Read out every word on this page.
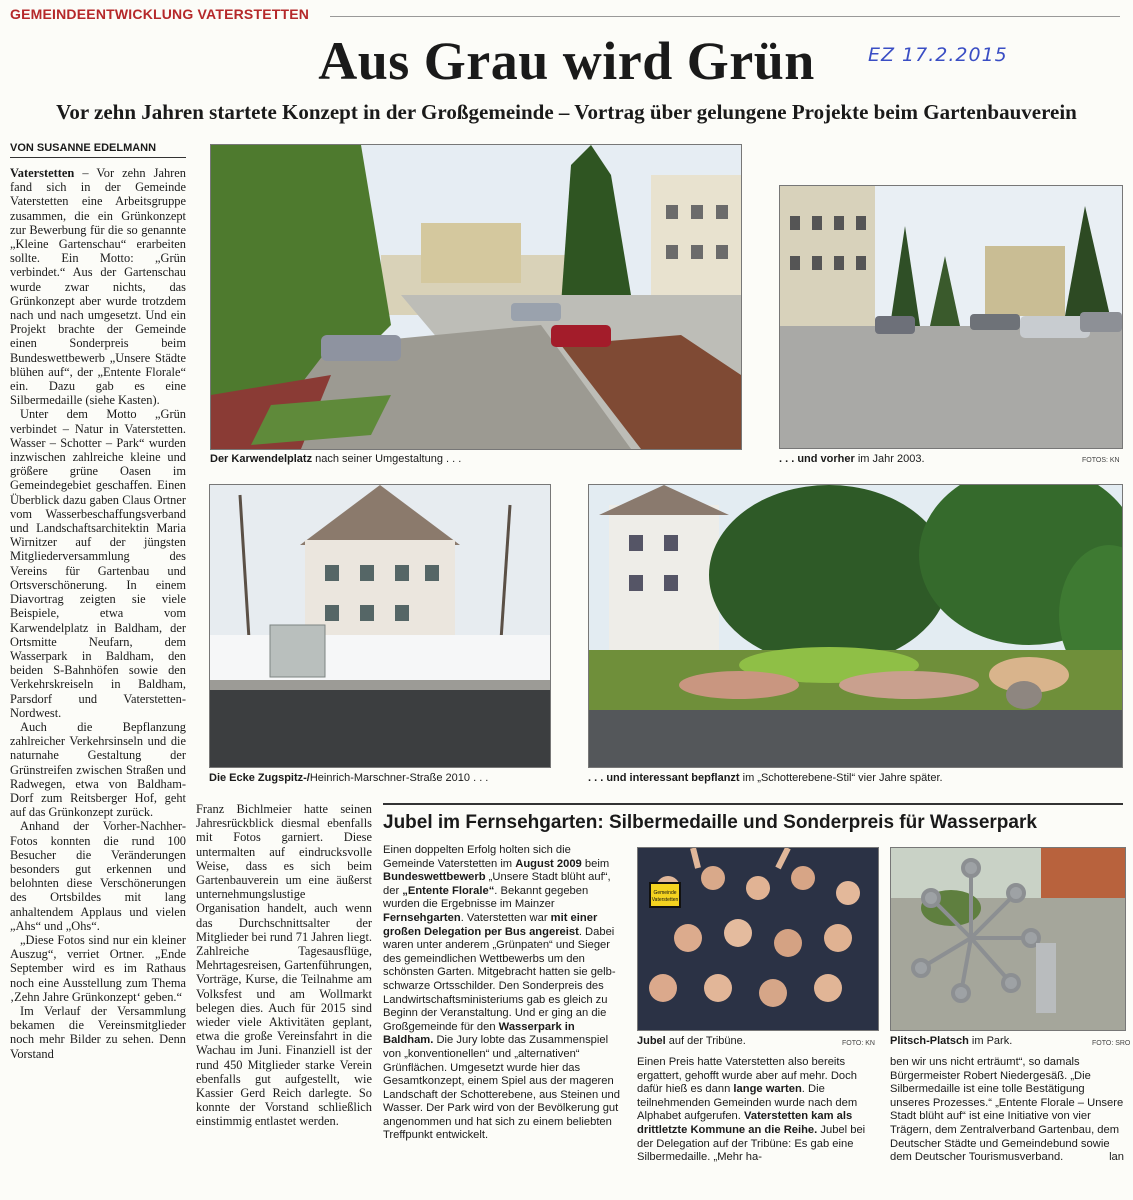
GEMEINDEENTWICKLUNG VATERSTETTEN
Aus Grau wird Grün	EZ 17.2.2015
Vor zehn Jahren startete Konzept in der Großgemeinde – Vortrag über gelungene Projekte beim Gartenbauverein
VON SUSANNE EDELMANN

Vaterstetten – Vor zehn Jahren fand sich in der Gemeinde Vaterstetten eine Arbeitsgruppe zusammen, die ein Grünkonzept zur Bewerbung für die so genannte „Kleine Gartenschau“ erarbeiten sollte. Ein Motto: „Grün verbindet.“ Aus der Gartenschau wurde zwar nichts, das Grünkonzept aber wurde trotzdem nach und nach umgesetzt. Und ein Projekt brachte der Gemeinde einen Sonderpreis beim Bundeswettbewerb „Unsere Städte blühen auf“, der „Entente Florale“ ein. Dazu gab es eine Silbermedaille (siehe Kasten).

Unter dem Motto „Grün verbindet – Natur in Vaterstetten. Wasser – Schotter – Park“ wurden inzwischen zahlreiche kleine und größere grüne Oasen im Gemeindegebiet geschaffen. Einen Überblick dazu gaben Claus Ortner vom Wasserbeschaffungsverband und Landschaftsarchitektin Maria Wirnitzer auf der jüngsten Mitgliederversammlung des Vereins für Gartenbau und Ortsverschönerung. In einem Diavortrag zeigten sie viele Beispiele, etwa vom Karwendelplatz in Baldham, der Ortsmitte Neufarn, dem Wasserpark in Baldham, den beiden S-Bahnhöfen sowie den Verkehrskreiseln in Baldham, Parsdorf und Vaterstetten-Nordwest.

Auch die Bepflanzung zahlreicher Verkehrsinseln und die naturnahe Gestaltung der Grünstreifen zwischen Straßen und Radwegen, etwa von Baldham-Dorf zum Reitsberger Hof, geht auf das Grünkonzept zurück.

Anhand der Vorher-Nachher-Fotos konnten die rund 100 Besucher die Veränderungen besonders gut erkennen und belohnten diese Verschönerungen des Ortsbildes mit lang anhaltendem Applaus und vielen „Ahs“ und „Ohs“.

„Diese Fotos sind nur ein kleiner Auszug“, verriet Ortner. „Ende September wird es im Rathaus noch eine Ausstellung zum Thema ‚Zehn Jahre Grünkonzept‘ geben.“

Im Verlauf der Versammlung bekamen die Vereinsmitglieder noch mehr Bilder zu sehen. Denn Vorstand

Franz Bichlmeier hatte seinen Jahresrückblick diesmal ebenfalls mit Fotos garniert. Diese untermalten auf eindrucksvolle Weise, dass es sich beim Gartenbauverein um eine äußerst unternehmungslustige Organisation handelt, auch wenn das Durchschnittsalter der Mitglieder bei rund 71 Jahren liegt. Zahlreiche Tagesausflüge, Mehrtagesreisen, Gartenführungen, Vorträge, Kurse, die Teilnahme am Volksfest und am Wollmarkt belegen dies. Auch für 2015 sind wieder viele Aktivitäten geplant, etwa die große Vereinsfahrt in die Wachau im Juni. Finanziell ist der rund 450 Mitglieder starke Verein ebenfalls gut aufgestellt, wie Kassier Gerd Reich darlegte. So konnte der Vorstand schließlich einstimmig entlastet werden.

Der Karwendelplatz nach seiner Umgestaltung . . .	. . . und vorher im Jahr 2003.	FOTOS: KN
Die Ecke Zugspitz-/Heinrich-Marschner-Straße 2010 . . .	. . . und interessant bepflanzt im „Schotterebene-Stil“ vier Jahre später.
Jubel im Fernsehgarten: Silbermedaille und Sonderpreis für Wasserpark

Einen doppelten Erfolg holten sich die Gemeinde Vaterstetten im August 2009 beim Bundeswettbewerb „Unsere Stadt blüht auf“, der „Entente Florale“. Bekannt gegeben wurden die Ergebnisse im Mainzer Fernsehgarten. Vaterstetten war mit einer großen Delegation per Bus angereist. Dabei waren unter anderem „Grünpaten“ und Sieger des gemeindlichen Wettbewerbs um den schönsten Garten. Mitgebracht hatten sie gelb-schwarze Ortsschilder. Den Sonderpreis des Landwirtschaftsministeriums gab es gleich zu Beginn der Veranstaltung. Und er ging an die Großgemeinde für den Wasserpark in Baldham. Die Jury lobte das Zusammenspiel von „konventionellen“ und „alternativen“ Grünflächen. Umgesetzt wurde hier das Gesamtkonzept, einem Spiel aus der mageren Landschaft der Schotterebene, aus Steinen und Wasser. Der Park wird von der Bevölkerung gut angenommen und hat sich zu einem beliebten Treffpunkt entwickelt.

Gemeinde
Vaterstetten
Jubel auf der Tribüne.	FOTO: KN Plitsch-Platsch im Park.	FOTO: SRO

Einen Preis hatte Vaterstetten also bereits ergattert, gehofft wurde aber auf mehr. Doch dafür hieß es dann lange warten. Die teilnehmenden Gemeinden wurde nach dem Alphabet aufgerufen. Vaterstetten kam als drittletzte Kommune an die Reihe. Jubel bei der Delegation auf der Tribüne: Es gab eine Silbermedaille. „Mehr ha-

ben wir uns nicht erträumt“, so damals Bürgermeister Robert Niedergesäß. „Die Silbermedaille ist eine tolle Bestätigung unseres Prozesses.“ „Entente Florale – Unsere Stadt blüht auf“ ist eine Initiative von vier Trägern, dem Zentralverband Gartenbau, dem Deutscher Städte und Gemeindebund sowie dem Deutscher Tourismusverband.	lan
